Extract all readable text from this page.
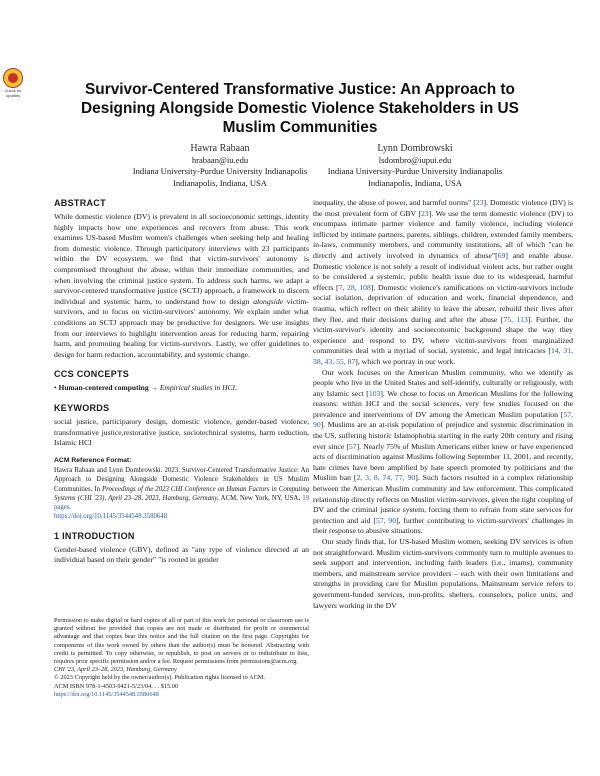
Check for
updates	Survivor-Centered Transformative Justice: An Approach to Designing Alongside Domestic Violence Stakeholders in US Muslim Communities
Hawra Rabaan
hrabaan@iu.edu
Indiana University-Purdue University Indianapolis
Indianapolis, Indiana, USA
Lynn Dombrowski
lsdombro@iupui.edu
Indiana University-Purdue University Indianapolis
Indianapolis, Indiana, USA
ABSTRACT

While domestic violence (DV) is prevalent in all socioeconomic settings, identity highly impacts how one experiences and recovers from abuse. This work examines US-based Muslim women's challenges when seeking help and healing from domestic violence. Through participatory interviews with 23 participants within the DV ecosystem, we find that victim-survivors' autonomy is compromised throughout the abuse, within their immediate communities, and when involving the criminal justice system. To address such harms, we adapt a survivor-centered transformative justice (SCTJ) approach, a framework to discern individual and systemic harm, to understand how to design alongside victim-survivors, and to focus on victim-survivors' autonomy. We explain under what conditions an SCTJ approach may be productive for designers. We use insights from our interviews to highlight intervention areas for reducing harm, repairing harm, and promoting healing for victim-survivors. Lastly, we offer guidelines to design for harm reduction, accountability, and systemic change.

CCS CONCEPTS

• Human-centered computing → Empirical studies in HCI.

KEYWORDS

social justice, participatory design, domestic violence, gender-based violence, transformative justice,restorative justice, sociotechnical systems, harm reduction, Islamic HCI

ACM Reference Format:

Hawra Rabaan and Lynn Dombrowski. 2023. Survivor-Centered Transformative Justice: An Approach to Designing Alongside Domestic Violence Stakeholders in US Muslim Communities. In Proceedings of the 2023 CHI Conference on Human Factors in Computing Systems (CHI '23), April 23–28, 2023, Hamburg, Germany. ACM, New York, NY, USA, 19 pages.
https://doi.org/10.1145/3544548.3580648

1 INTRODUCTION

Gender-based violence (GBV), defined as "any type of violence directed at an individual based on their gender" "is rooted in gender

Permission to make digital or hard copies of all or part of this work for personal or classroom use is granted without fee provided that copies are not made or distributed for profit or commercial advantage and that copies bear this notice and the full citation on the first page. Copyrights for components of this work owned by others than the author(s) must be honored. Abstracting with credit is permitted. To copy otherwise, or republish, to post on servers or to redistribute to lists, requires prior specific permission and/or a fee. Request permissions from permissions@acm.org.

CHI '23, April 23–28, 2023, Hamburg, Germany
© 2023 Copyright held by the owner/author(s). Publication rights licensed to ACM.
ACM ISBN 978-1-4503-9421-5/23/04. . . $15.00
https://doi.org/10.1145/3544548.3580648

inequality, the abuse of power, and harmful norms" [23]. Domestic violence (DV) is the most prevalent form of GBV [23]. We use the term domestic violence (DV) to encompass intimate partner violence and family violence, including violence inflicted by intimate partners, parents, siblings, children, extended family members, in-laws, community members, and community institutions, all of which "can be directly and actively involved in dynamics of abuse"[69] and enable abuse. Domestic violence is not solely a result of individual violent acts, but rather ought to be considered a systemic, public health issue due to its widespread, harmful effects [7, 28, 108]. Domestic violence's ramifications on victim-survivors include social isolation, deprivation of education and work, financial dependence, and trauma, which reflect on their ability to leave the abuser, rebuild their lives after they flee, and their decisions during and after the abuse [75, 113]. Further, the victim-survivor's identity and socioeconomic background shape the way they experience and respond to DV, where victim-survivors from marginalized communities deal with a myriad of social, systemic, and legal intricacies [14, 31, 38, 43, 55, 87], which we portray in our work.

Our work focuses on the American Muslim community, who we identify as people who live in the United States and self-identify, culturally or religiously, with any Islamic sect [103]. We chose to focus on American Muslims for the following reasons: within HCI and the social sciences, very few studies focused on the prevalence and interventions of DV among the American Muslim population [57, 90]. Muslims are an at-risk population of prejudice and systemic discrimination in the US, suffering historic Islamophobia starting in the early 20th century and rising ever since [57]. Nearly 75% of Muslim Americans either knew or have experienced acts of discrimination against Muslims following September 11, 2001, and recently, hate crimes have been amplified by hate speech promoted by politicians and the Muslim ban [2, 3, 8, 74, 77, 90]. Such factors resulted in a complex relationship between the American Muslim community and law enforcement. This complicated relationship directly reflects on Muslim victim-survivors, given the tight coupling of DV and the criminal justice system, forcing them to refrain from state services for protection and aid [57, 90], further contributing to victim-survivors' challenges in their response to abusive situations.

Our study finds that, for US-based Muslim women, seeking DV services is often not straightforward. Muslim victim-survivors commonly turn to multiple avenues to seek support and intervention, including faith leaders (i.e., imams), community members, and mainstream service providers – each with their own limitations and strengths in providing care for Muslim populations. Mainstream service refers to government-funded services, non-profits, shelters, counselors, police units, and lawyers working in the DV
